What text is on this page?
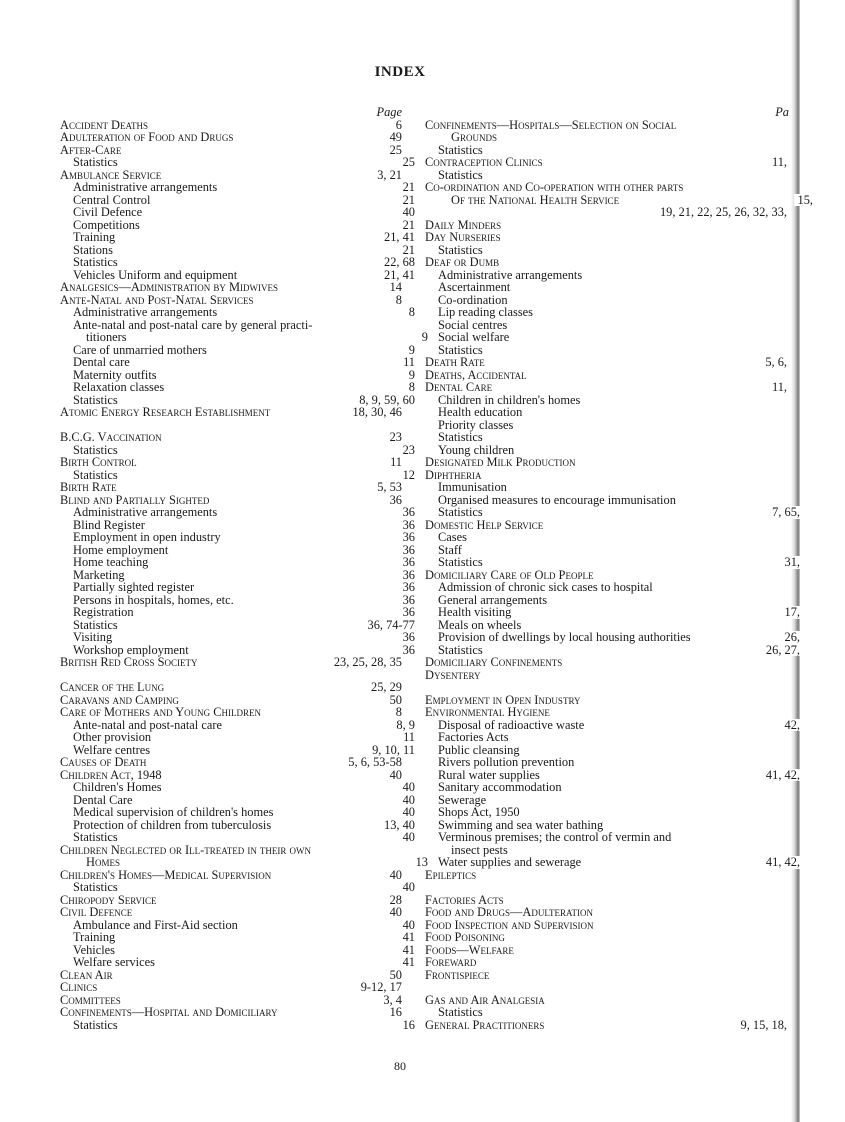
INDEX
Page
Accident Deaths	6
Adulteration of Food and Drugs	49
After-Care	25
Statistics	25
Ambulance Service	3, 21
Administrative arrangements	21
Central Control	21
Civil Defence	40
Competitions	21
Training	21, 41
Stations	21
Statistics	22, 68
Vehicles Uniform and equipment	21, 41
Analgesics—Administration by Midwives	14
Ante-Natal and Post-Natal Services	8
Administrative arrangements	8
Ante-natal and post-natal care by general practi-
titioners	9
Care of unmarried mothers	9
Dental care	11
Maternity outfits	9
Relaxation classes	8
Statistics	8, 9, 59, 60
Atomic Energy Research Establishment	18, 30, 46
B.C.G. Vaccination	23
Statistics	23
Birth Control	11
Statistics	12
Birth Rate	5, 53
Blind and Partially Sighted	36
Administrative arrangements	36
Blind Register	36
Employment in open industry	36
Home employment	36
Home teaching	36
Marketing	36
Partially sighted register	36
Persons in hospitals, homes, etc.	36
Registration	36
Statistics	36, 74-77
Visiting	36
Workshop employment	36
British Red Cross Society	23, 25, 28, 35
Cancer of the Lung	25, 29
Caravans and Camping	50
Care of Mothers and Young Children	8
Ante-natal and post-natal care	8, 9
Other provision	11
Welfare centres	9, 10, 11
Causes of Death	5, 6, 53-58
Children Act, 1948	40
Children's Homes	40
Dental Care	40
Medical supervision of children's homes	40
Protection of children from tuberculosis	13, 40
Statistics	40
Children Neglected or Ill-treated in their own
Homes	13
Children's Homes—Medical Supervision	40
Statistics	40
Chiropody Service	28
Civil Defence	40
Ambulance and First-Aid section	40
Training	41
Vehicles	41
Welfare services	41
Clean Air	50
Clinics	9-12, 17
Committees	3, 4
Confinements—Hospital and Domiciliary	16
Statistics	16
Pa
Confinements—Hospitals—Selection on Social
Grounds
Statistics
Contraception Clinics	11,
Statistics
Co-ordination and Co-operation with other parts
Of the National Health Service	15,
19, 21, 22, 25, 26, 32, 33,
Daily Minders
Day Nurseries
Statistics
Deaf or Dumb
Administrative arrangements
Ascertainment
Co-ordination
Lip reading classes
Social centres
Social welfare
Statistics
Death Rate	5, 6,
Deaths, Accidental
Dental Care	11,
Children in children's homes
Health education
Priority classes
Statistics
Young children
Designated Milk Production
Diphtheria
Immunisation
Organised measures to encourage immunisation
Statistics	7, 65,
Domestic Help Service
Cases
Staff
Statistics	31,
Domiciliary Care of Old People
Admission of chronic sick cases to hospital
General arrangements
Health visiting	17,
Meals on wheels
Provision of dwellings by local housing authorities	26,
Statistics	26, 27,
Domiciliary Confinements
Dysentery
Employment in Open Industry
Environmental Hygiene
Disposal of radioactive waste	42,
Factories Acts
Public cleansing
Rivers pollution prevention
Rural water supplies	41, 42,
Sanitary accommodation
Sewerage
Shops Act, 1950
Swimming and sea water bathing
Verminous premises; the control of vermin and
insect pests
Water supplies and sewerage	41, 42,
Epileptics
Factories Acts
Food and Drugs—Adulteration
Food Inspection and Supervision
Food Poisoning
Foods—Welfare
Foreward
Frontispiece
Gas and Air Analgesia
Statistics
General Practitioners	9, 15, 18,
80
